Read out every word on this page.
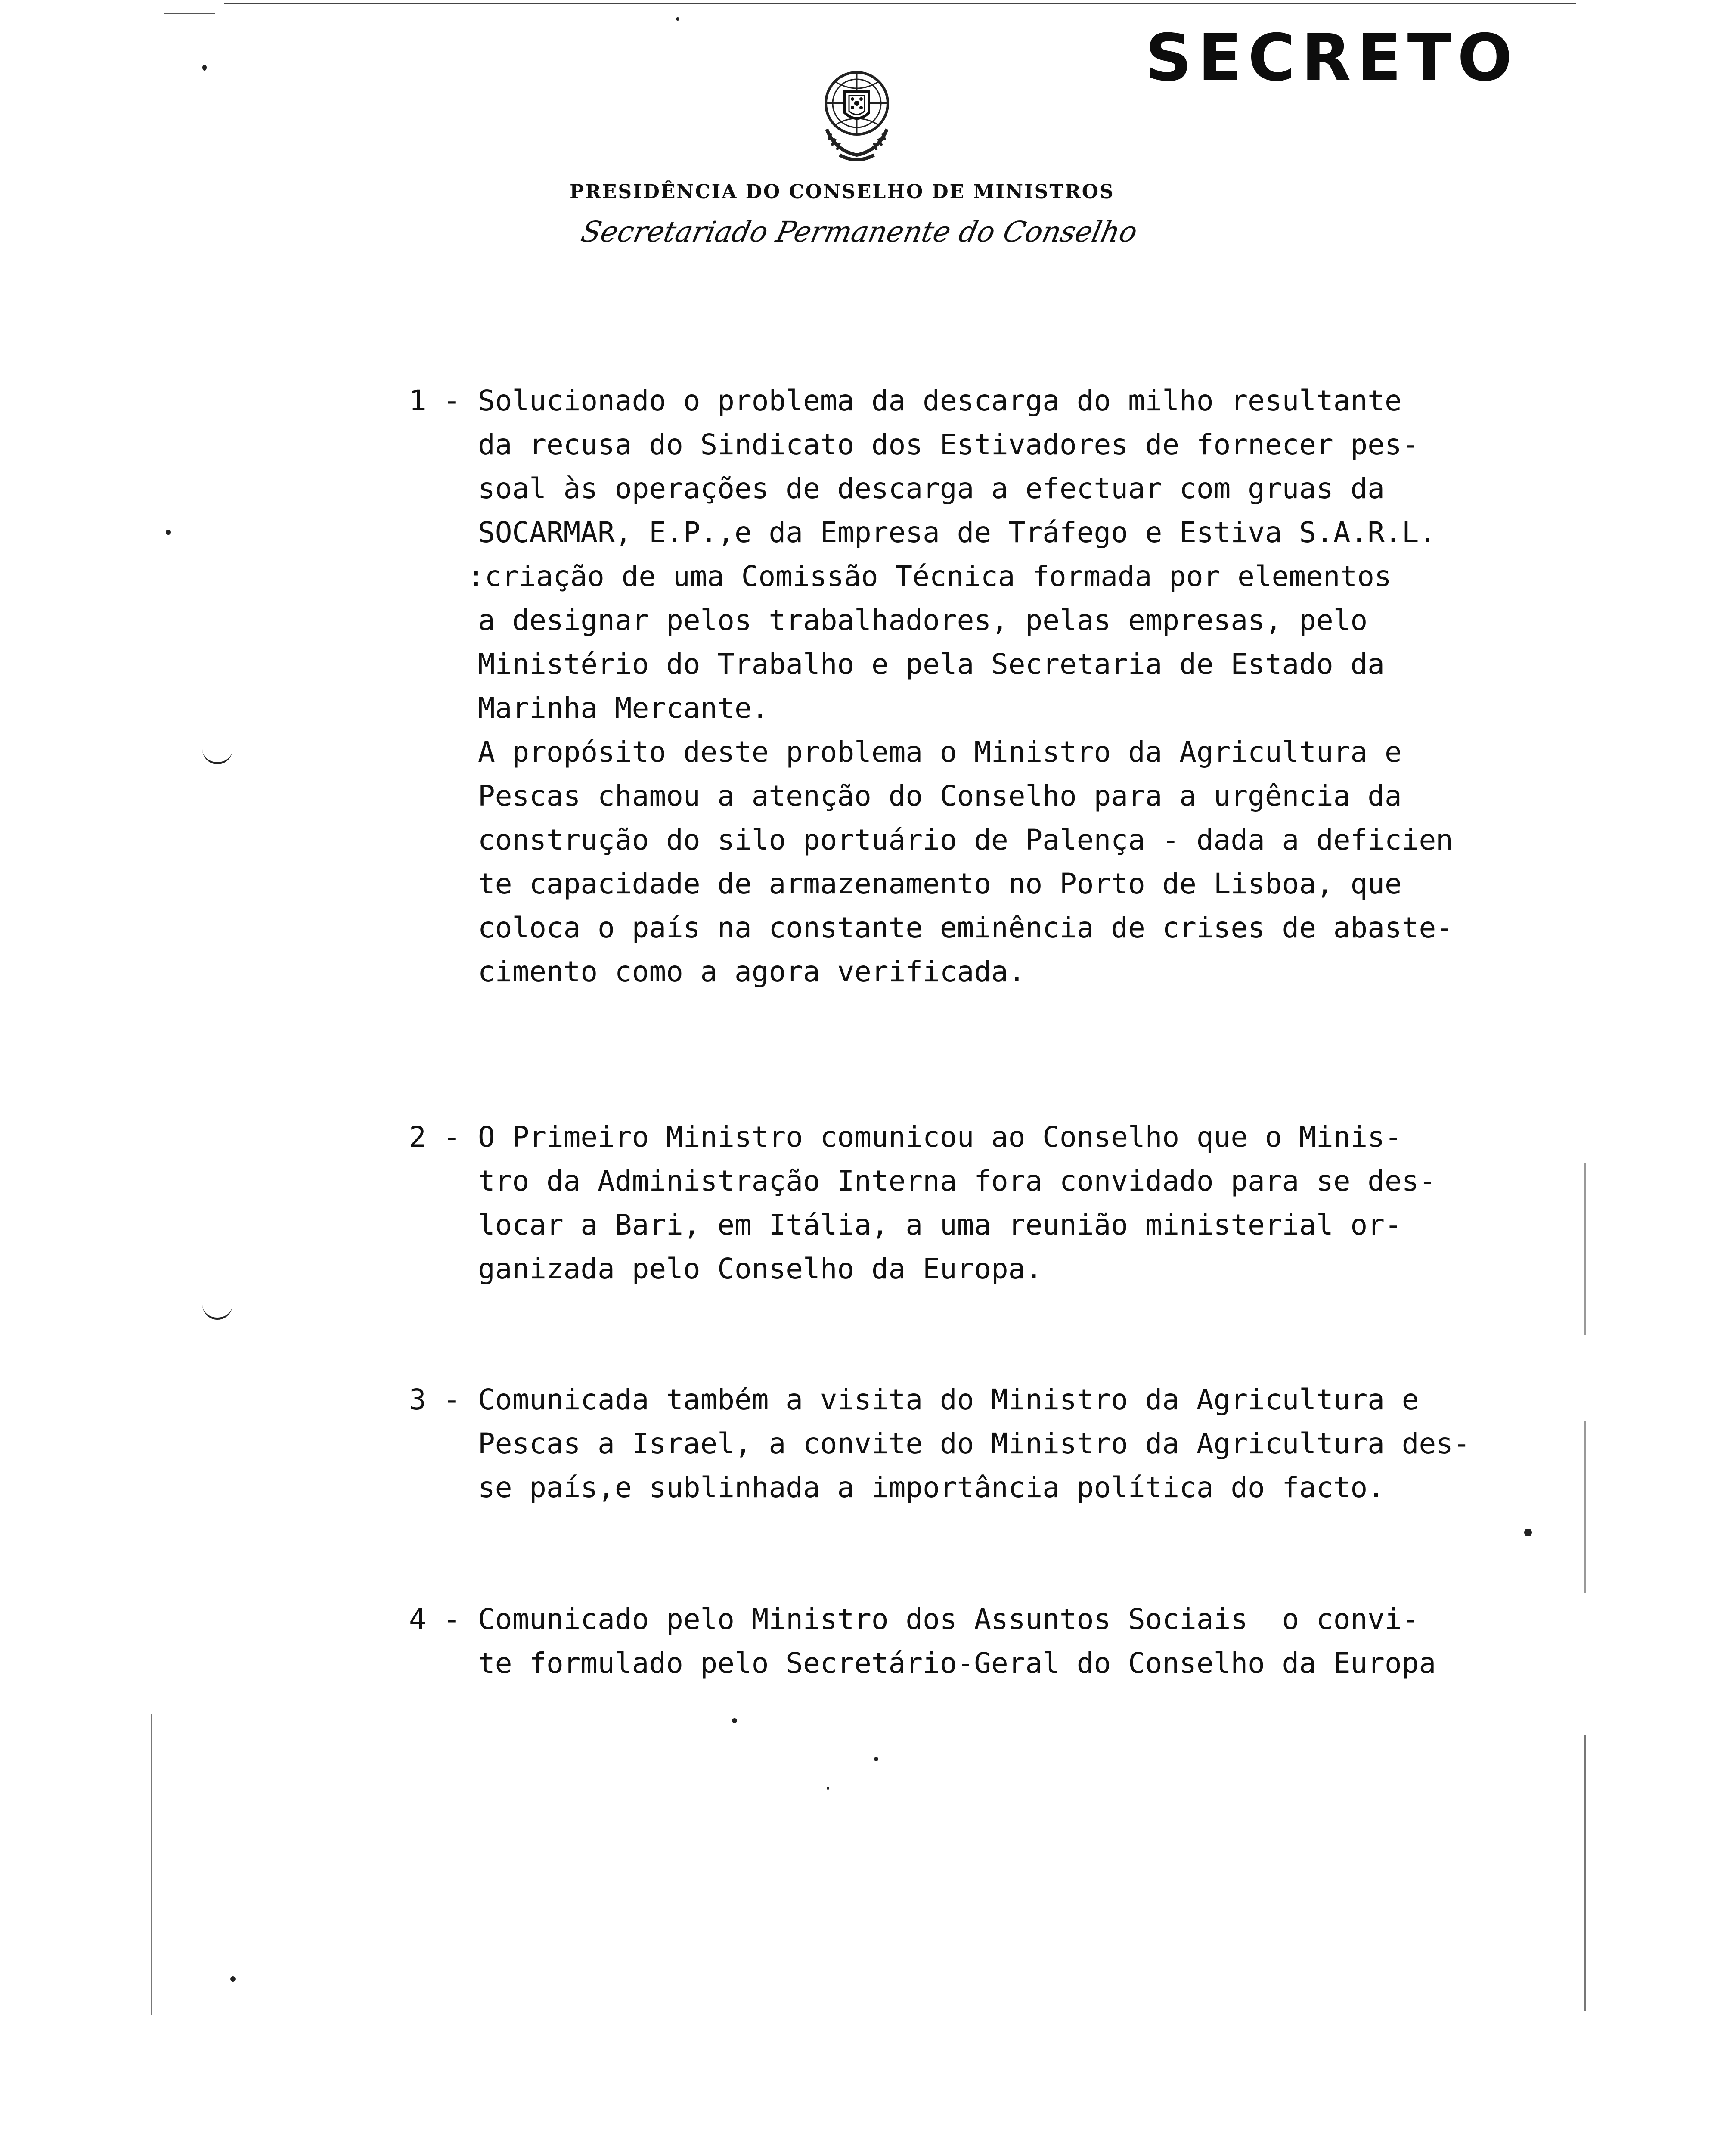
SECRETO
PRESIDÊNCIA DO CONSELHO DE MINISTROS
Secretariado Permanente do Conselho
1 - Solucionado o problema da descarga do milho resultante

da recusa do Sindicato dos Estivadores de fornecer pes-

soal às operações de descarga a efectuar com gruas da

SOCARMAR, E.P.,e da Empresa de Tráfego e Estiva S.A.R.L.

:criação de uma Comissão Técnica formada por elementos

a designar pelos trabalhadores, pelas empresas, pelo

Ministério do Trabalho e pela Secretaria de Estado da

Marinha Mercante.

A propósito deste problema o Ministro da Agricultura e

Pescas chamou a atenção do Conselho para a urgência da

construção do silo portuário de Palença - dada a deficien

te capacidade de armazenamento no Porto de Lisboa, que

coloca o país na constante eminência de crises de abaste-

cimento como a agora verificada.

2 - O Primeiro Ministro comunicou ao Conselho que o Minis-

tro da Administração Interna fora convidado para se des-

locar a Bari, em Itália, a uma reunião ministerial or-

ganizada pelo Conselho da Europa.

3 - Comunicada também a visita do Ministro da Agricultura e

Pescas a Israel, a convite do Ministro da Agricultura des-

se país,e sublinhada a importância política do facto.

4 - Comunicado pelo Ministro dos Assuntos Sociais  o convi-

te formulado pelo Secretário-Geral do Conselho da Europa
